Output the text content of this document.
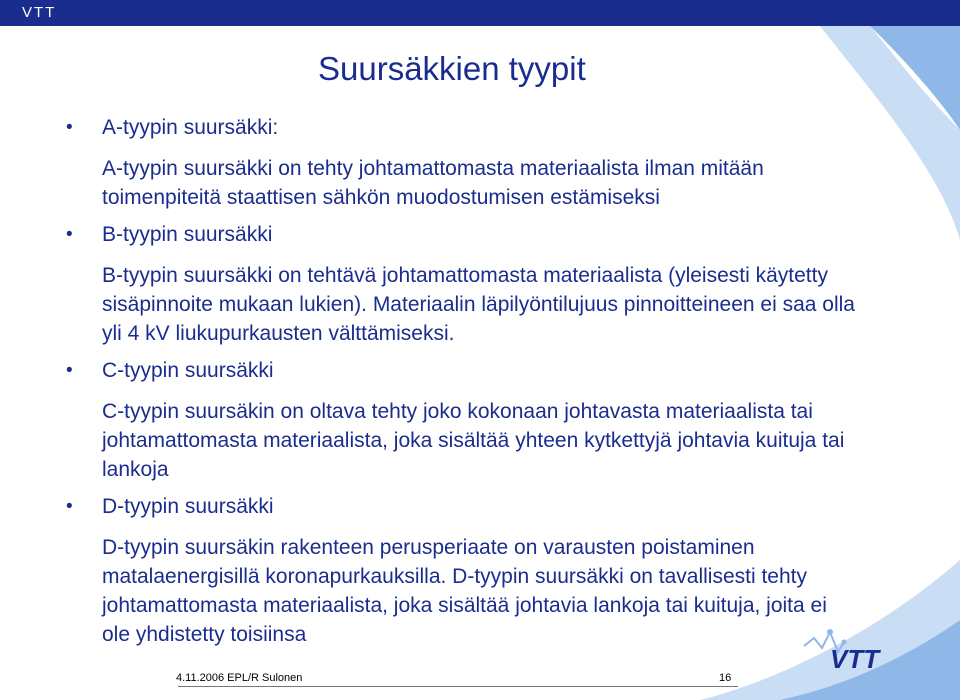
VTT
Suursäkkien tyypit
• A-tyypin suursäkki:
A-tyypin suursäkki on tehty johtamattomasta materiaalista ilman mitään toimenpiteitä staattisen sähkön muodostumisen estämiseksi
• B-tyypin suursäkki
B-tyypin suursäkki on tehtävä johtamattomasta materiaalista (yleisesti käytetty sisäpinnoite mukaan lukien). Materiaalin läpilyöntilujuus pinnoitteineen ei saa olla yli 4 kV liukupurkausten välttämiseksi.
• C-tyypin suursäkki
C-tyypin suursäkin on oltava tehty joko kokonaan johtavasta materiaalista tai johtamattomasta materiaalista, joka sisältää yhteen kytkettyjä johtavia kuituja tai lankoja
• D-tyypin suursäkki
D-tyypin suursäkin rakenteen perusperiaate on varausten poistaminen matalaenergisillä koronapurkauksilla. D-tyypin suursäkki on tavallisesti tehty johtamattomasta materiaalista, joka sisältää johtavia lankoja tai kuituja, joita ei ole yhdistetty toisiinsa
VTT
4.11.2006 EPL/R Sulonen	16
